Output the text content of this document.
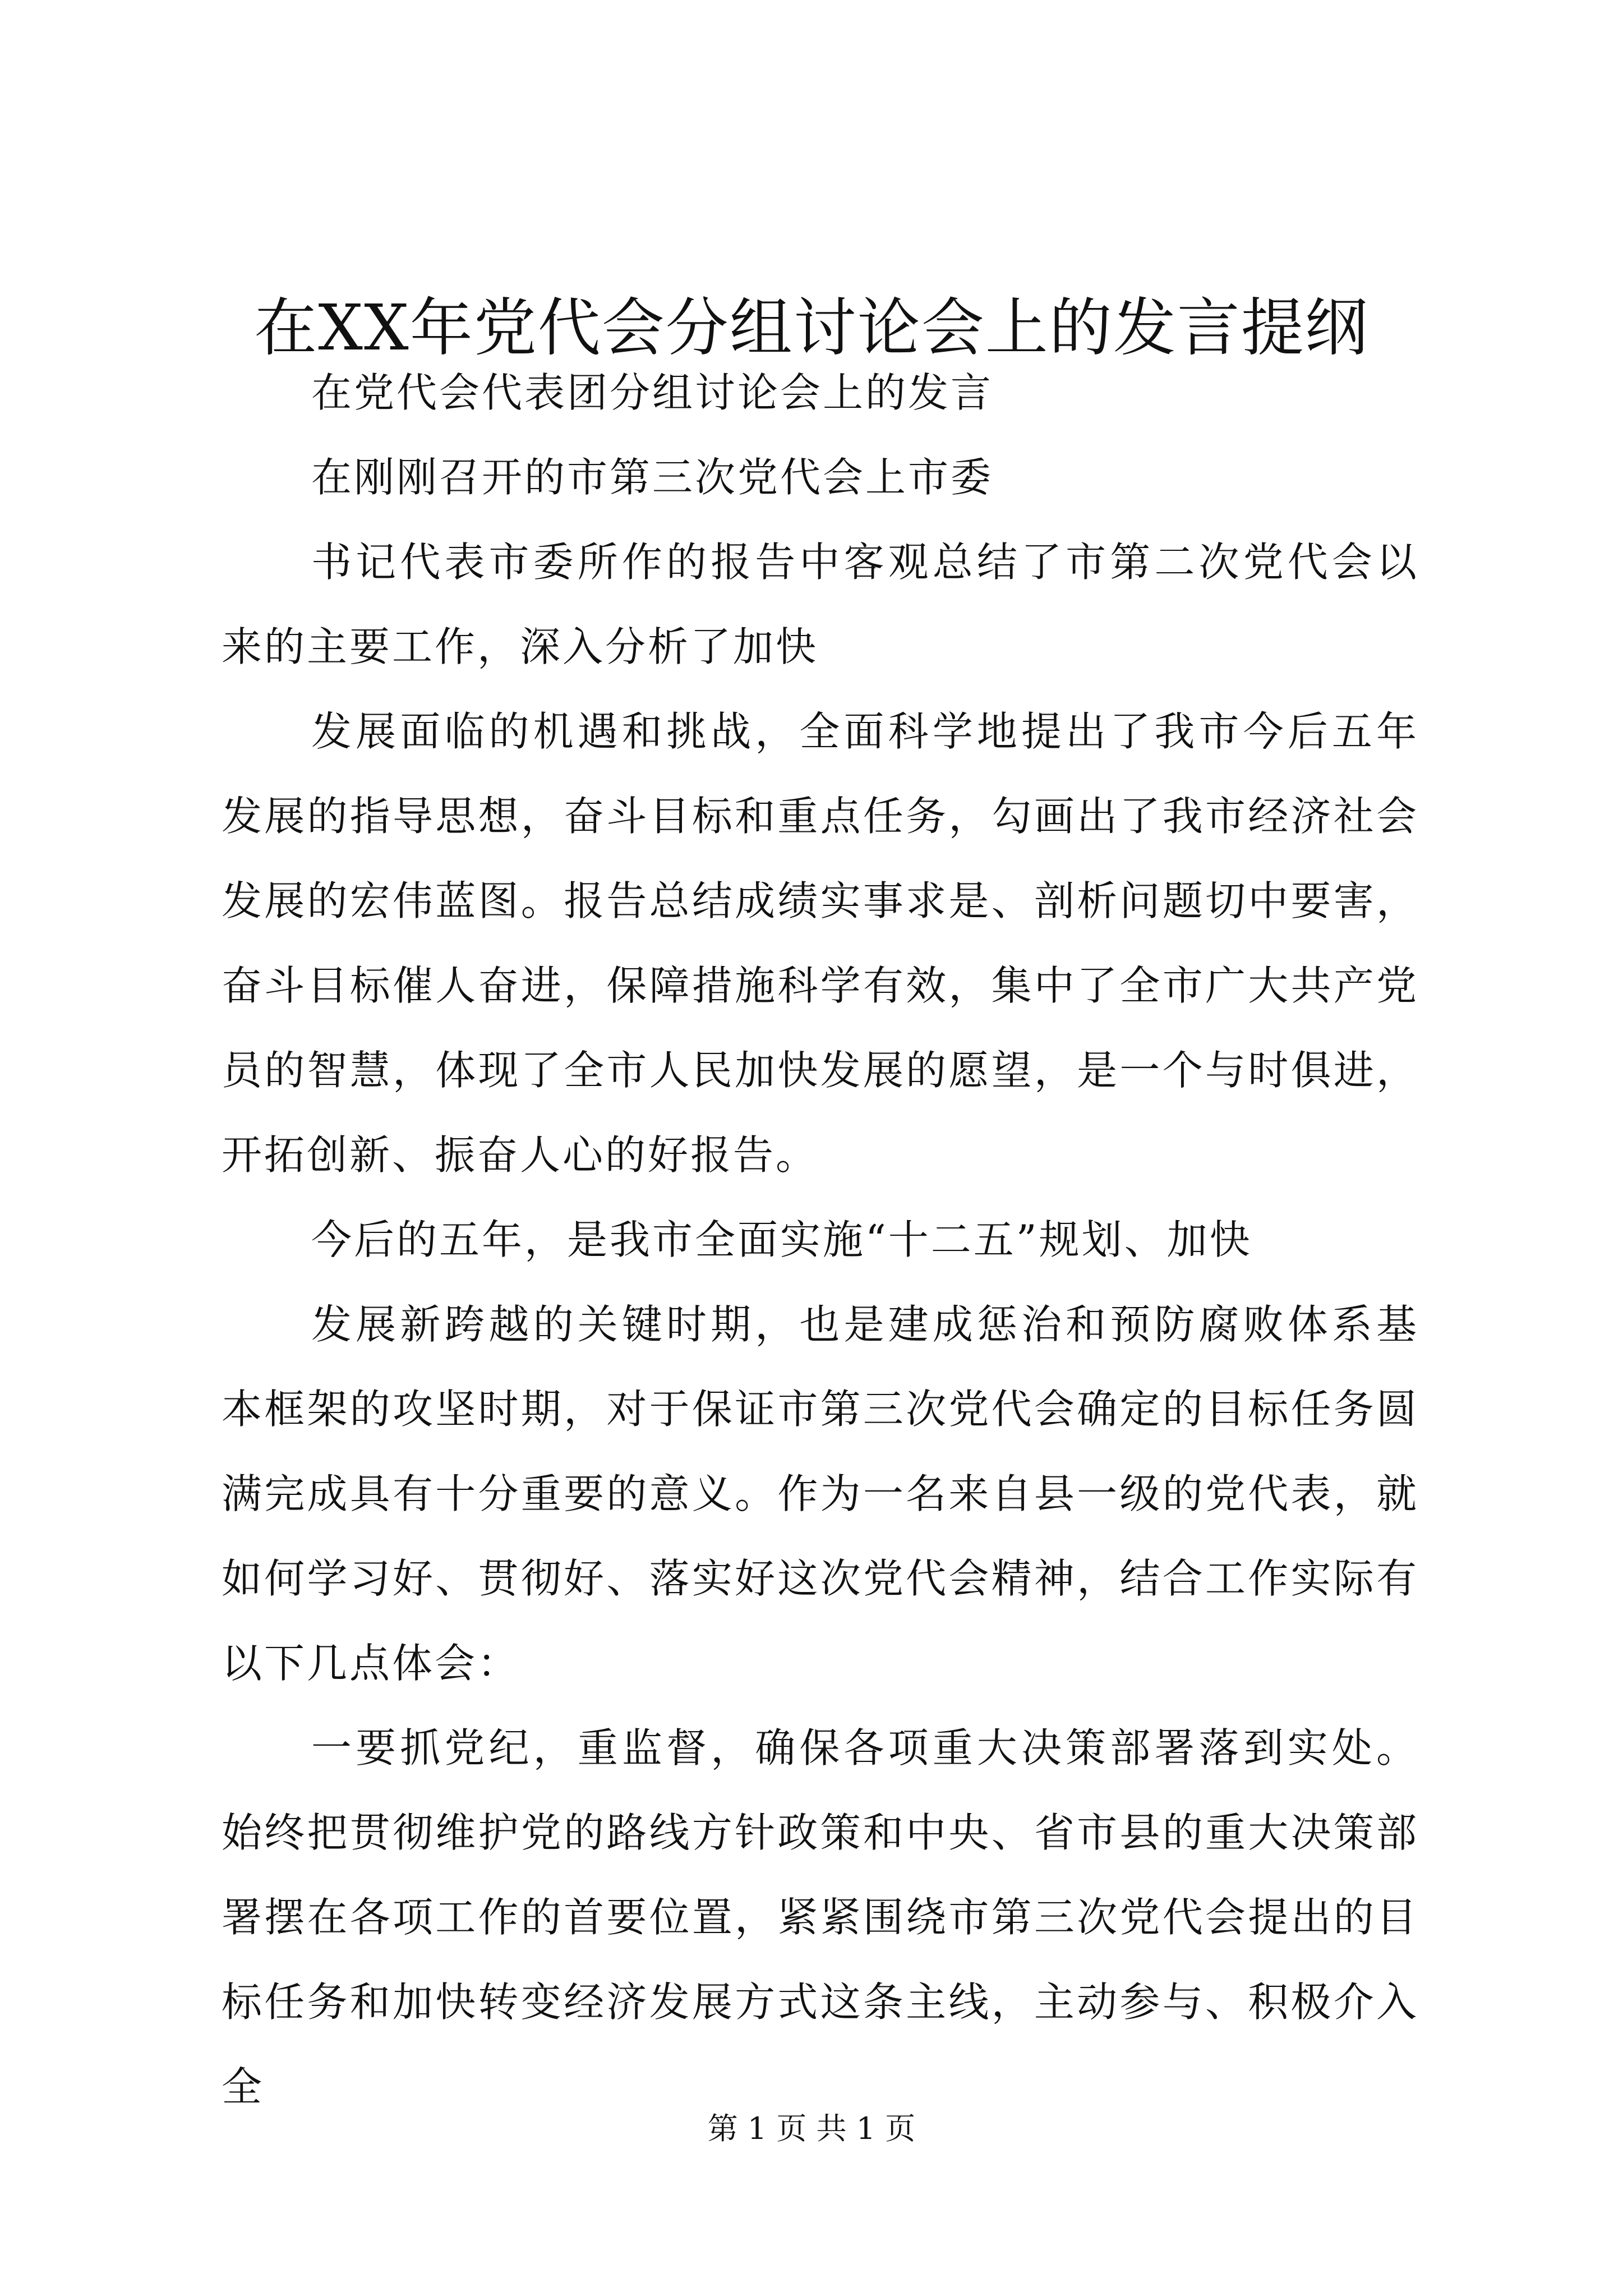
在XX年党代会分组讨论会上的发言提纲

在党代会代表团分组讨论会上的发言

在刚刚召开的市第三次党代会上市委

书记代表市委所作的报告中客观总结了市第二次党代会以来的主要工作，深入分析了加快

发展面临的机遇和挑战，全面科学地提出了我市今后五年发展的指导思想，奋斗目标和重点任务，勾画出了我市经济社会发展的宏伟蓝图。报告总结成绩实事求是、剖析问题切中要害，奋斗目标催人奋进，保障措施科学有效，集中了全市广大共产党员的智慧，体现了全市人民加快发展的愿望，是一个与时俱进，开拓创新、振奋人心的好报告。

今后的五年，是我市全面实施“十二五”规划、加快

发展新跨越的关键时期，也是建成惩治和预防腐败体系基本框架的攻坚时期，对于保证市第三次党代会确定的目标任务圆满完成具有十分重要的意义。作为一名来自县一级的党代表，就如何学习好、贯彻好、落实好这次党代会精神，结合工作实际有以下几点体会：

一要抓党纪，重监督，确保各项重大决策部署落到实处。始终把贯彻维护党的路线方针政策和中央、省市县的重大决策部署摆在各项工作的首要位置，紧紧围绕市第三次党代会提出的目标任务和加快转变经济发展方式这条主线，主动参与、积极介入全

第 1 页 共 1 页
